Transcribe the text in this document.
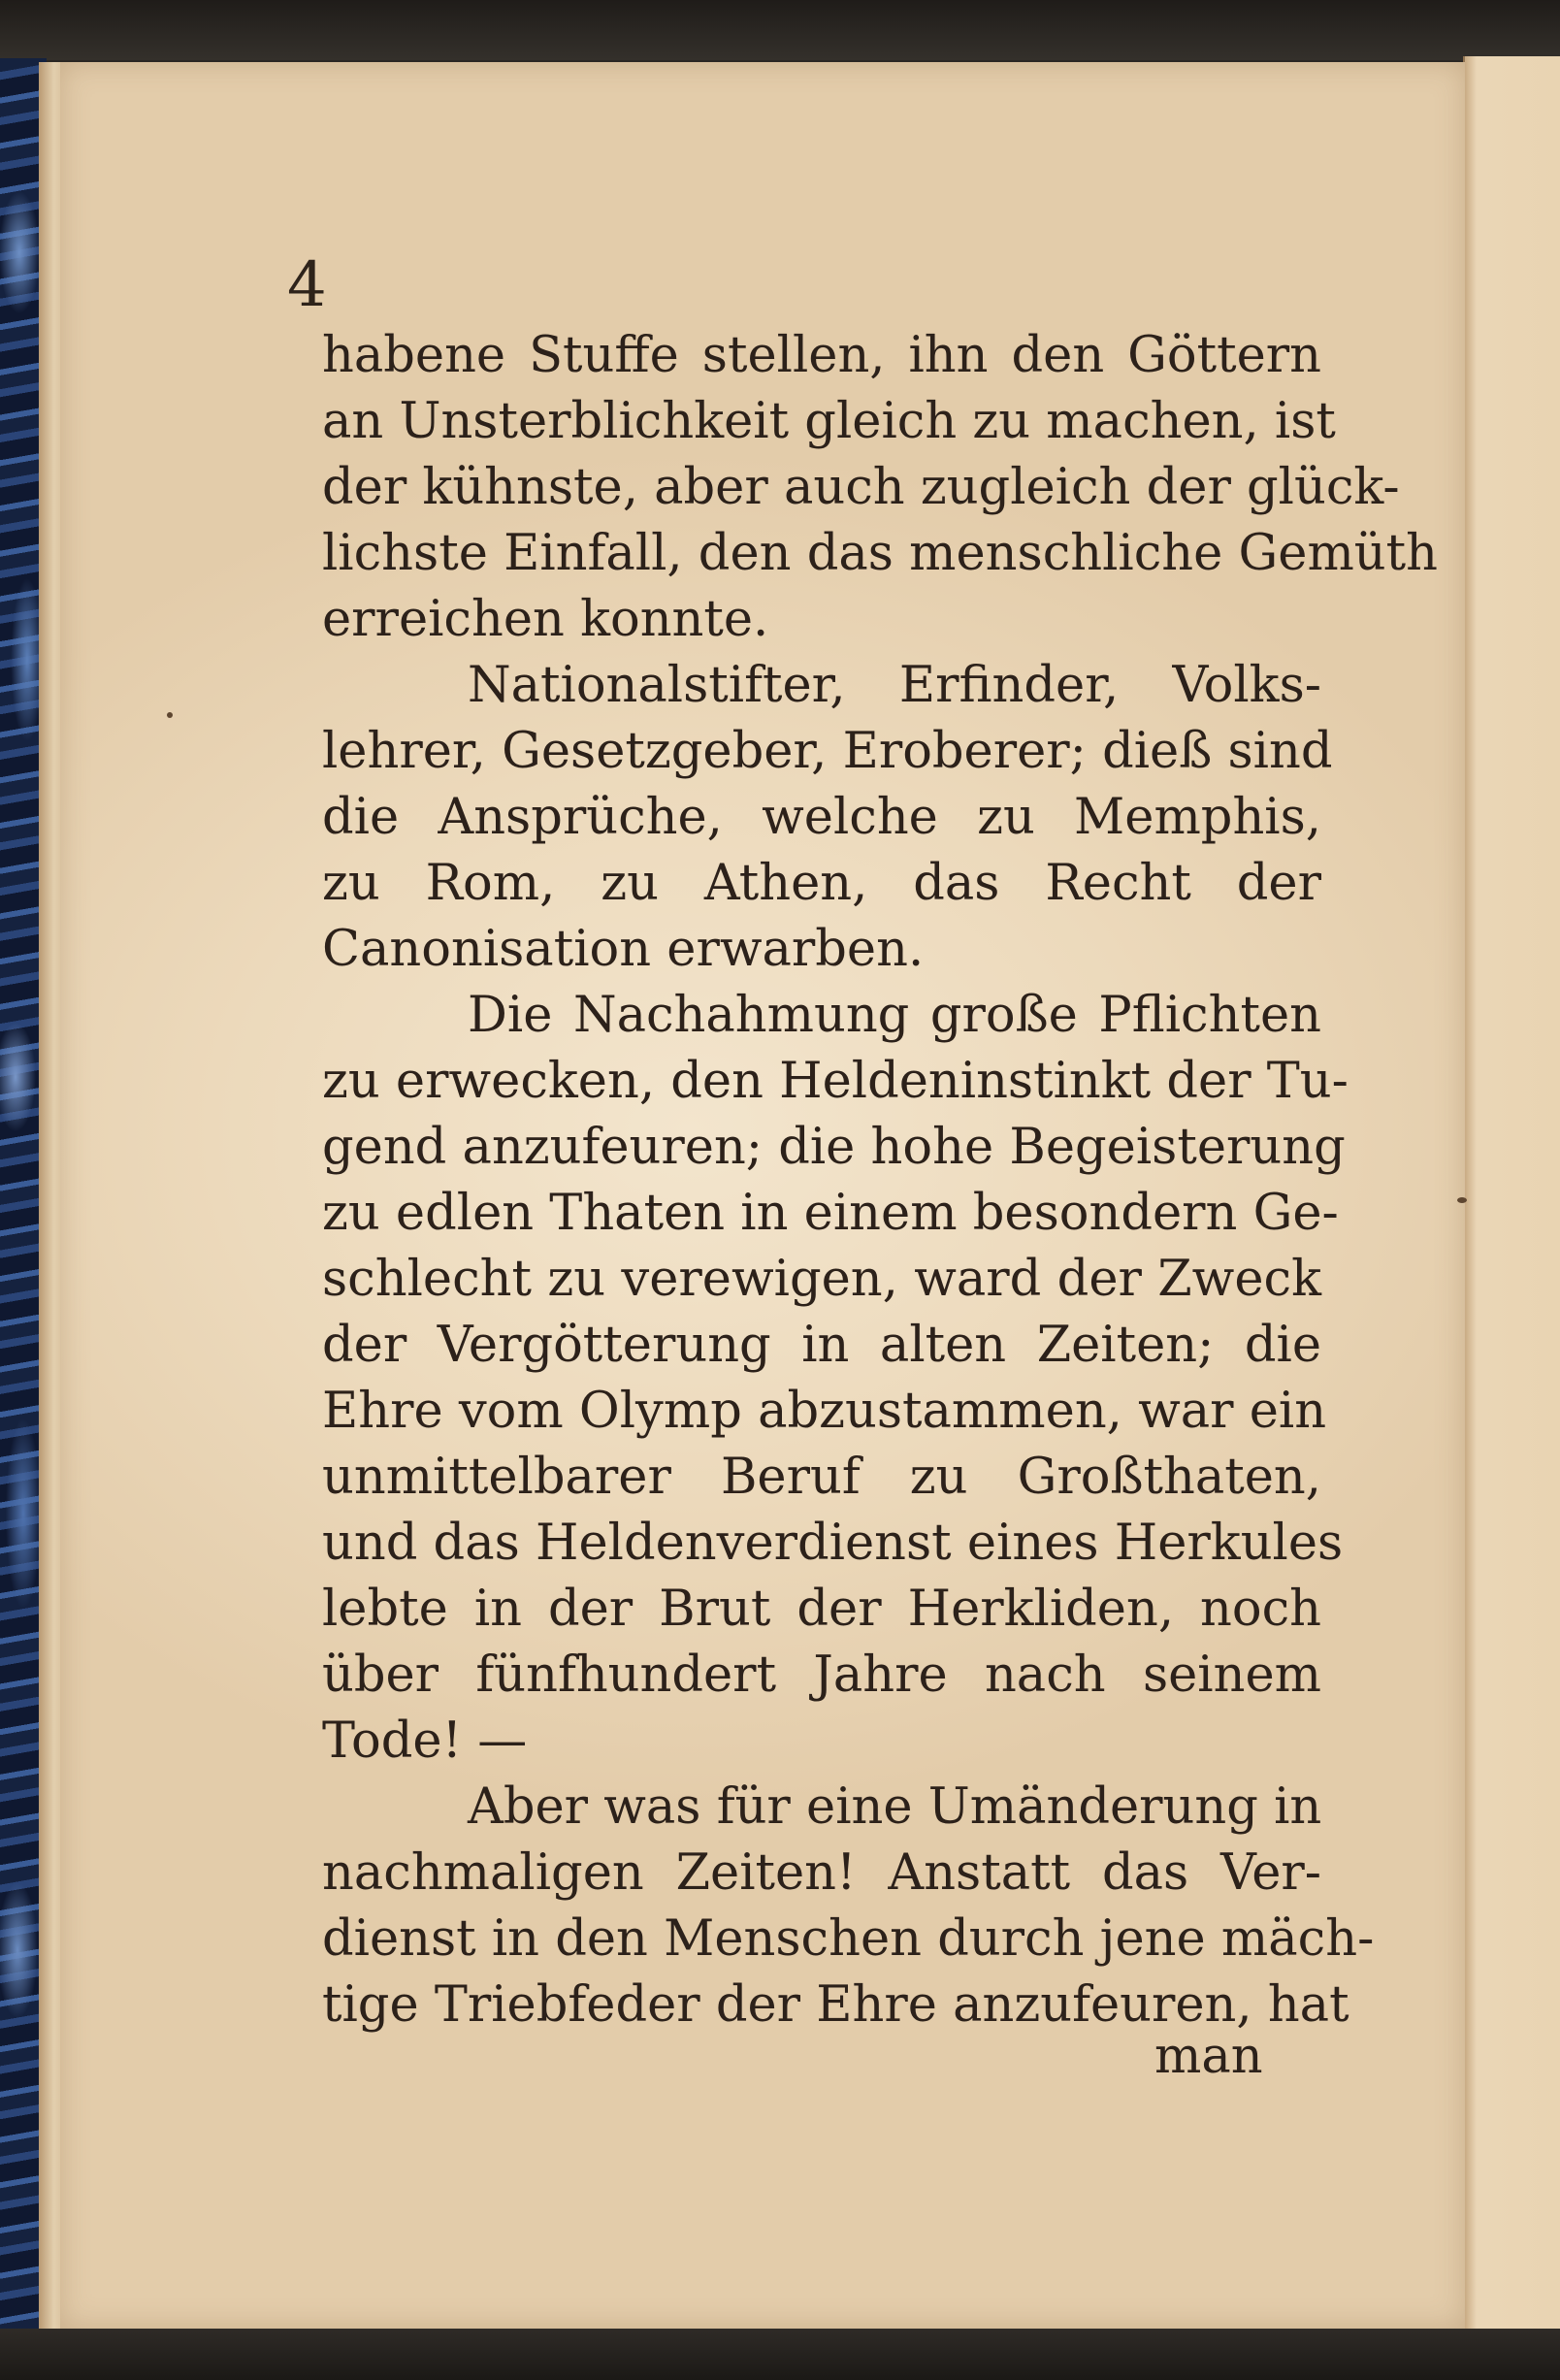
4
habene Stuffe stellen, ihn den Göttern
an Unsterblichkeit gleich zu machen, ist
der kühnste, aber auch zugleich der glück-
lichste Einfall, den das menschliche Gemüth
erreichen konnte.
Nationalstifter, Erfinder, Volks-
lehrer, Gesetzgeber, Eroberer; dieß sind
die Ansprüche, welche zu Memphis,
zu Rom, zu Athen, das Recht der
Canonisation erwarben.
Die Nachahmung große Pflichten
zu erwecken, den Heldeninstinkt der Tu-
gend anzufeuren; die hohe Begeisterung
zu edlen Thaten in einem besondern Ge-
schlecht zu verewigen, ward der Zweck
der Vergötterung in alten Zeiten; die
Ehre vom Olymp abzustammen, war ein
unmittelbarer Beruf zu Großthaten,
und das Heldenverdienst eines Herkules
lebte in der Brut der Herkliden, noch
über fünfhundert Jahre nach seinem
Tode! —
Aber was für eine Umänderung in
nachmaligen Zeiten! Anstatt das Ver-
dienst in den Menschen durch jene mäch-
tige Triebfeder der Ehre anzufeuren, hat
man
